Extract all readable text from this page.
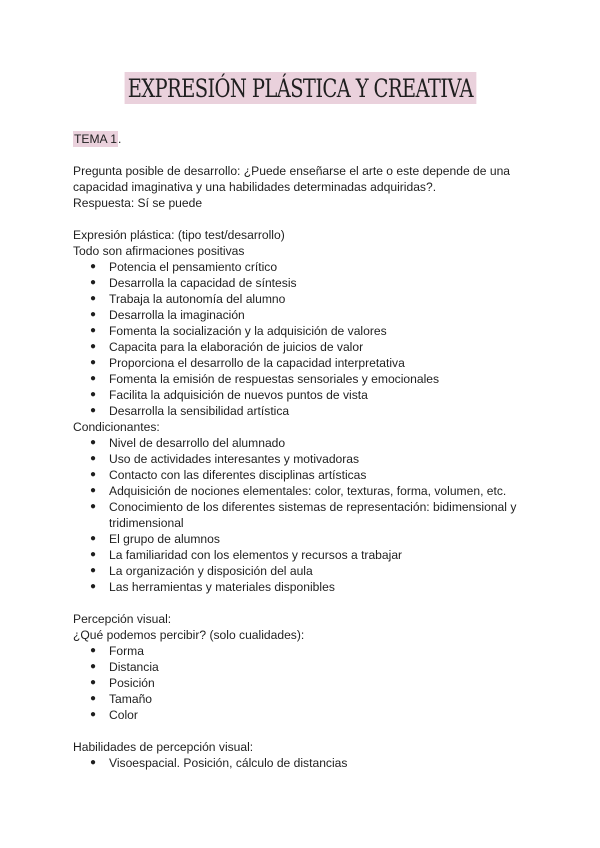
EXPRESIÓN PLÁSTICA Y CREATIVA

TEMA 1.

Pregunta posible de desarrollo: ¿Puede enseñarse el arte o este depende de una

capacidad imaginativa y una habilidades determinadas adquiridas?.

Respuesta: Sí se puede

Expresión plástica: (tipo test/desarrollo)

Todo son afirmaciones positivas

● Potencia el pensamiento crítico
● Desarrolla la capacidad de síntesis
● Trabaja la autonomía del alumno
● Desarrolla la imaginación
● Fomenta la socialización y la adquisición de valores
● Capacita para la elaboración de juicios de valor
● Proporciona el desarrollo de la capacidad interpretativa
● Fomenta la emisión de respuestas sensoriales y emocionales
● Facilita la adquisición de nuevos puntos de vista
● Desarrolla la sensibilidad artística

Condicionantes:

● Nivel de desarrollo del alumnado
● Uso de actividades interesantes y motivadoras
● Contacto con las diferentes disciplinas artísticas
● Adquisición de nociones elementales: color, texturas, forma, volumen, etc.
● Conocimiento de los diferentes sistemas de representación: bidimensional y
tridimensional
● El grupo de alumnos
● La familiaridad con los elementos y recursos a trabajar
● La organización y disposición del aula
● Las herramientas y materiales disponibles

Percepción visual:

¿Qué podemos percibir? (solo cualidades):

● Forma
● Distancia
● Posición
● Tamaño
● Color

Habilidades de percepción visual:

● Visoespacial. Posición, cálculo de distancias
